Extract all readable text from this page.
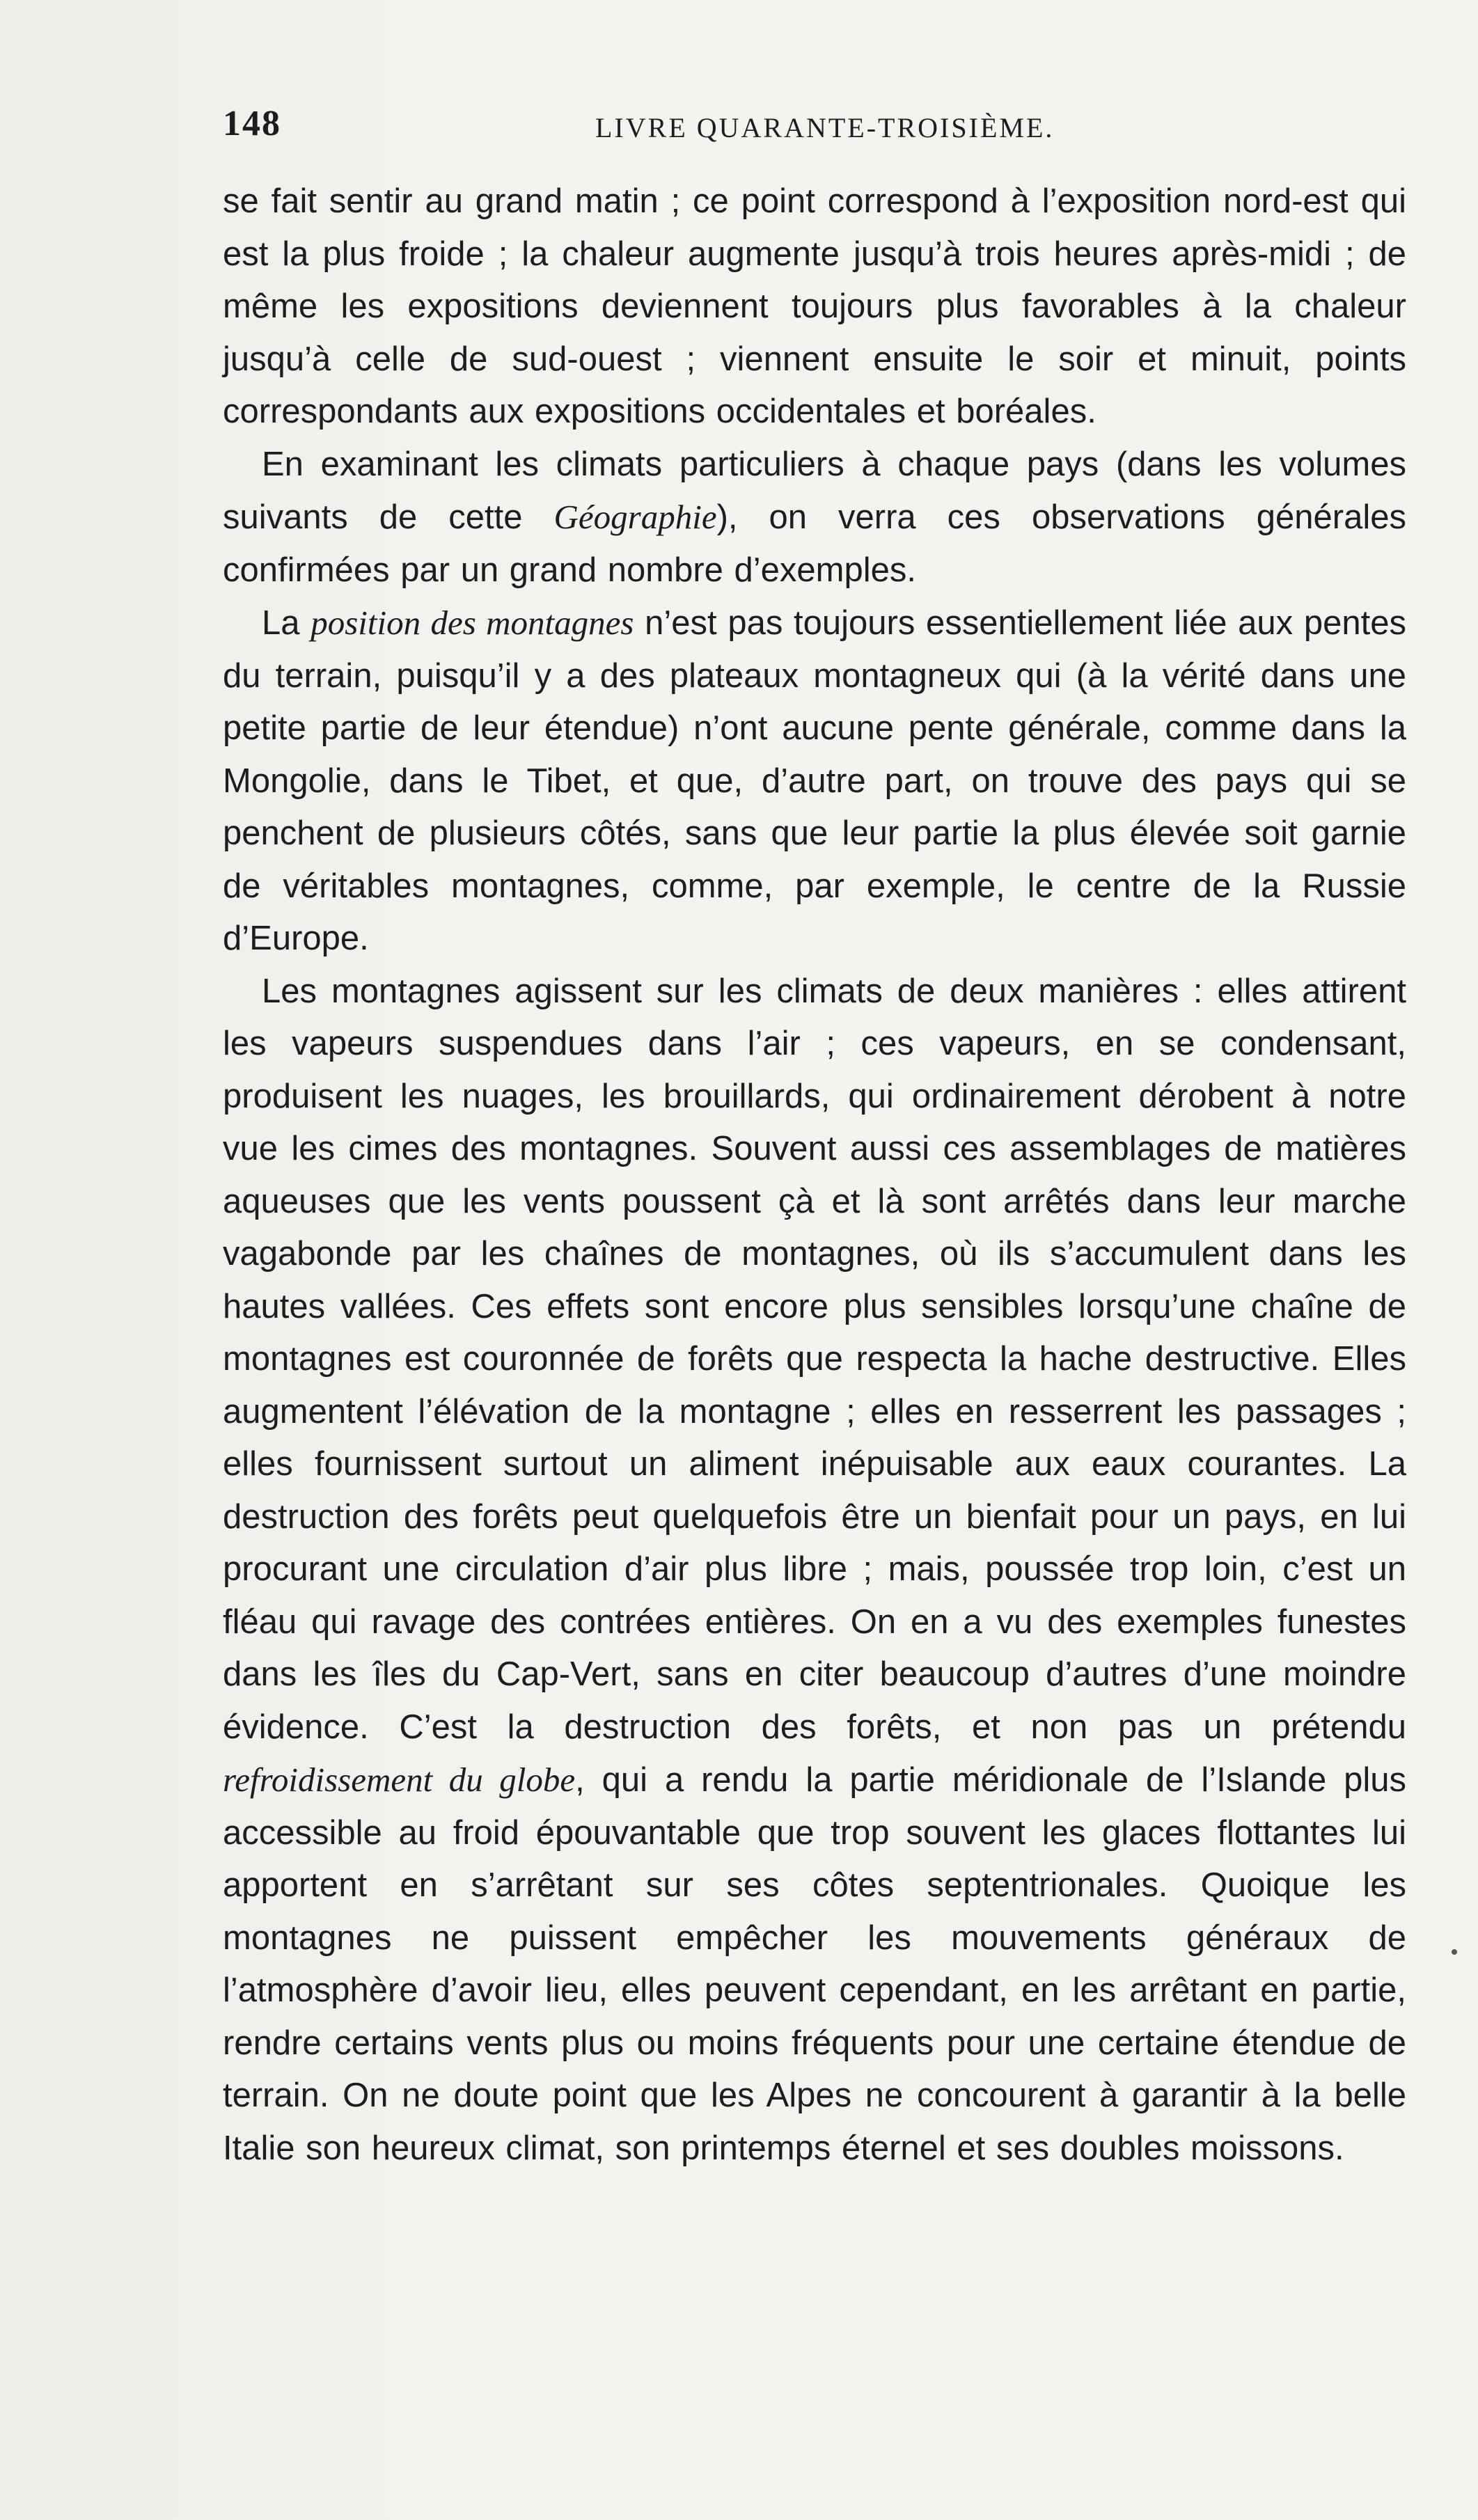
148	LIVRE QUARANTE-TROISIÈME.

se fait sentir au grand matin ; ce point correspond à l’exposition nord-est qui est la plus froide ; la chaleur augmente jusqu’à trois heures après-midi ; de même les expositions deviennent toujours plus favorables à la chaleur jusqu’à celle de sud-ouest ; viennent ensuite le soir et minuit, points correspondants aux expositions occidentales et boréales.

En examinant les climats particuliers à chaque pays (dans les volumes suivants de cette Géographie), on verra ces observations générales confirmées par un grand nombre d’exemples.

La position des montagnes n’est pas toujours essentiellement liée aux pentes du terrain, puisqu’il y a des plateaux montagneux qui (à la vérité dans une petite partie de leur étendue) n’ont aucune pente générale, comme dans la Mongolie, dans le Tibet, et que, d’autre part, on trouve des pays qui se penchent de plusieurs côtés, sans que leur partie la plus élevée soit garnie de véritables montagnes, comme, par exemple, le centre de la Russie d’Europe.

Les montagnes agissent sur les climats de deux manières : elles attirent les vapeurs suspendues dans l’air ; ces vapeurs, en se condensant, produisent les nuages, les brouillards, qui ordinairement dérobent à notre vue les cimes des montagnes. Souvent aussi ces assemblages de matières aqueuses que les vents poussent çà et là sont arrêtés dans leur marche vagabonde par les chaînes de montagnes, où ils s’accumulent dans les hautes vallées. Ces effets sont encore plus sensibles lorsqu’une chaîne de montagnes est couronnée de forêts que respecta la hache destructive. Elles augmentent l’élévation de la montagne ; elles en resserrent les passages ; elles fournissent surtout un aliment inépuisable aux eaux courantes. La destruction des forêts peut quelquefois être un bienfait pour un pays, en lui procurant une circulation d’air plus libre ; mais, poussée trop loin, c’est un fléau qui ravage des contrées entières. On en a vu des exemples funestes dans les îles du Cap-Vert, sans en citer beaucoup d’autres d’une moindre évidence. C’est la destruction des forêts, et non pas un prétendu refroidissement du globe, qui a rendu la partie méridionale de l’Islande plus accessible au froid épouvantable que trop souvent les glaces flottantes lui apportent en s’arrêtant sur ses côtes septentrionales. Quoique les montagnes ne puissent empêcher les mouvements généraux de l’atmosphère d’avoir lieu, elles peuvent cependant, en les arrêtant en partie, rendre certains vents plus ou moins fréquents pour une certaine étendue de terrain. On ne doute point que les Alpes ne concourent à garantir à la belle Italie son heureux climat, son printemps éternel et ses doubles moissons.
